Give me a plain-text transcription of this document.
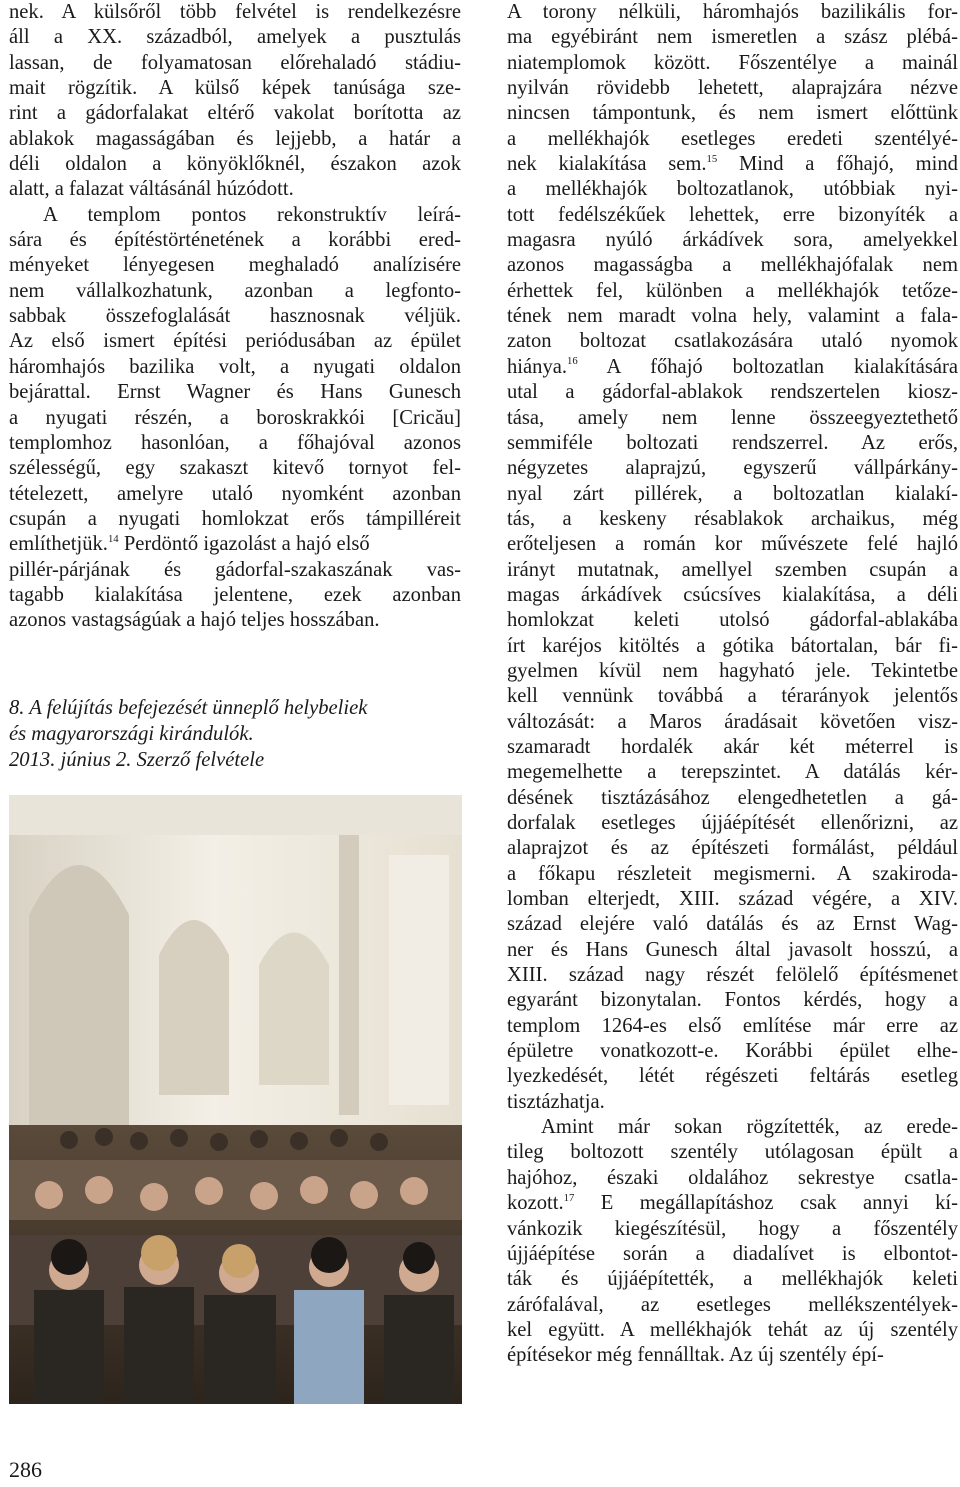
nek. A külsőről több felvétel is rendelkezésre
áll a XX. századból, amelyek a pusztulás
lassan, de folyamatosan előrehaladó stádiu-
mait rögzítik. A külső képek tanúsága sze-
rint a gádorfalakat eltérő vakolat borította az
ablakok magasságában és lejjebb, a határ a
déli oldalon a könyöklőknél, északon azok
alatt, a falazat váltásánál húzódott.
A templom pontos rekonstruktív leírá-
sára és építéstörténetének a korábbi ered-
ményeket lényegesen meghaladó analízisére
nem vállalkozhatunk, azonban a legfonto-
sabbak összefoglalását hasznosnak véljük.
Az első ismert építési periódusában az épület
háromhajós bazilika volt, a nyugati oldalon
bejárattal. Ernst Wagner és Hans Gunesch
a nyugati részén, a boroskrakkói [Cricău]
templomhoz hasonlóan, a főhajóval azonos
szélességű, egy szakaszt kitevő tornyot fel-
tételezett, amelyre utaló nyomként azonban
csupán a nyugati homlokzat erős támpilléreit
említhetjük.$^{14}$ Perdöntő igazolást a hajó első
pillér-párjának és gádorfal-szakaszának vas-
tagabb kialakítása jelentene, ezek azonban
azonos vastagságúak a hajó teljes hosszában.
8. A felújítás befejezését ünneplő helybeliek
és magyarországi kirándulók.
2013. június 2. Szerző felvétele
A torony nélküli, háromhajós bazilikális for-
ma egyébiránt nem ismeretlen a szász plébá-
niatemplomok között. Főszentélye a mainál
nyilván rövidebb lehetett, alaprajzára nézve
nincsen támpontunk, és nem ismert előttünk
a mellékhajók esetleges eredeti szentélyé-
nek kialakítása sem.$^{15}$ Mind a főhajó, mind
a mellékhajók boltozatlanok, utóbbiak nyi-
tott fedélszékűek lehettek, erre bizonyíték a
magasra nyúló árkádívek sora, amelyekkel
azonos magasságba a mellékhajófalak nem
érhettek fel, különben a mellékhajók tetőze-
tének nem maradt volna hely, valamint a fala-
zaton boltozat csatlakozására utaló nyomok
hiánya.$^{16}$ A főhajó boltozatlan kialakítására
utal a gádorfal-ablakok rendszertelen kiosz-
tása, amely nem lenne összeegyeztethető
semmiféle boltozati rendszerrel. Az erős,
négyzetes alaprajzú, egyszerű vállpárkány-
nyal zárt pillérek, a boltozatlan kialakí-
tás, a keskeny résablakok archaikus, még
erőteljesen a román kor művészete felé hajló
irányt mutatnak, amellyel szemben csupán a
magas árkádívek csúcsíves kialakítása, a déli
homlokzat keleti utolsó gádorfal-ablakába
írt karéjos kitöltés a gótika bátortalan, bár fi-
gyelmen kívül nem hagyható jele. Tekintetbe
kell vennünk továbbá a térarányok jelentős
változását: a Maros áradásait követően visz-
szamaradt hordalék akár két méterrel is
megemelhette a terepszintet. A datálás kér-
désének tisztázásához elengedhetetlen a gá-
dorfalak esetleges újjáépítését ellenőrizni, az
alaprajzot és az építészeti formálást, például
a főkapu részleteit megismerni. A szakiroda-
lomban elterjedt, XIII. század végére, a XIV.
század elejére való datálás és az Ernst Wag-
ner és Hans Gunesch által javasolt hosszú, a
XIII. század nagy részét felölelő építésmenet
egyaránt bizonytalan. Fontos kérdés, hogy a
templom 1264-es első említése már erre az
épületre vonatkozott-e. Korábbi épület elhe-
lyezkedését, létét régészeti feltárás esetleg
tisztázhatja.
Amint már sokan rögzítették, az erede-
tileg boltozott szentély utólagosan épült a
hajóhoz, északi oldalához sekrestye csatla-
kozott.$^{17}$ E megállapításhoz csak annyi kí-
vánkozik kiegészítésül, hogy a főszentély
újjáépítése során a diadalívet is elbontot-
ták és újjáépítették, a mellékhajók keleti
zárófalával, az esetleges mellékszentélyek-
kel együtt. A mellékhajók tehát az új szentély
építésekor még fennálltak. Az új szentély épí-
286
